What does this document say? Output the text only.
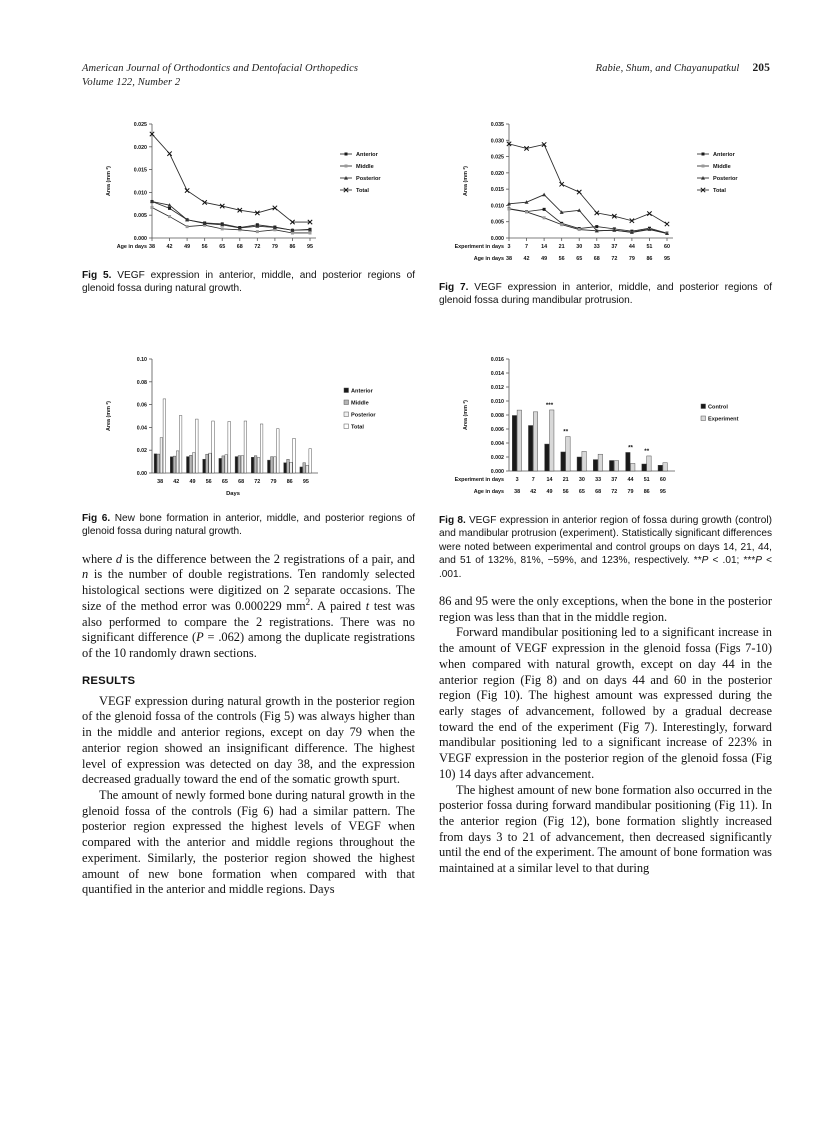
American Journal of Orthodontics and Dentofacial Orthopedics
Volume 122, Number 2
Rabie, Shum, and Chayanupatkul 205
0.000
0.005
0.010
0.015
0.020
0.025
Area (mm ²)
38 42 49 56 65 68 72 79 86 95
Age in days
Anterior
Middle
Posterior
Total
Fig 5. VEGF expression in anterior, middle, and posterior regions of glenoid fossa during natural growth.
0.000
0.005
0.010
0.015
0.020
0.025
0.030
0.035
Area (mm ²)
3	7 14 21 30 33 37 44 51 60
Experiment in days
38 42 49 56 65 68 72 79 86 95
Age in days
Anterior
Middle
Posterior
Total
Fig 7. VEGF expression in anterior, middle, and posterior regions of glenoid fossa during mandibular protrusion.
0.00
0.02
0.04
0.06
0.08
0.10
Area (mm ²)
38 42 49 56 65 68 72 79 86 95
Days
Anterior
Middle
Posterior
Total
Fig 6. New bone formation in anterior, middle, and posterior regions of glenoid fossa during natural growth.

where d is the difference between the 2 registrations of a pair, and n is the number of double registrations. Ten randomly selected histological sections were digitized on 2 separate occasions. The size of the method error was 0.000229 $mm^2$. A paired t test was also performed to compare the 2 registrations. There was no significant difference (P = .062) among the duplicate registrations of the 10 randomly drawn sections.

RESULTS

VEGF expression during natural growth in the posterior region of the glenoid fossa of the controls (Fig 5) was always higher than in the middle and anterior regions, except on day 79 when the anterior region showed an insignificant difference. The highest level of expression was detected on day 38, and the expression decreased gradually toward the end of the somatic growth spurt.

The amount of newly formed bone during natural growth in the glenoid fossa of the controls (Fig 6) had a similar pattern. The posterior region expressed the highest levels of VEGF when compared with the anterior and middle regions throughout the experiment. Similarly, the posterior region showed the highest amount of new bone formation when compared with that quantified in the anterior and middle regions. Days

0.000
0.002
0.004
0.006
0.008
0.010
0.012
0.014
0.016
Area (mm ²)
3 7 14 21 30 33 37 44 51 60
***
**
** **
Experiment in days
38 42 49 56 65 68 72 79 86 95
Age in days
Control
Experiment
Fig 8. VEGF expression in anterior region of fossa during growth (control) and mandibular protrusion (experiment). Statistically significant differences were noted between experimental and control groups on days 14, 21, 44, and 51 of 132%, 81%, −59%, and 123%, respectively. **P < .01; ***P < .001.

86 and 95 were the only exceptions, when the bone in the posterior region was less than that in the middle region.

Forward mandibular positioning led to a significant increase in the amount of VEGF expression in the glenoid fossa (Figs 7-10) when compared with natural growth, except on day 44 in the anterior region (Fig 8) and on days 44 and 60 in the posterior region (Fig 10). The highest amount was expressed during the early stages of advancement, followed by a gradual decrease toward the end of the experiment (Fig 7). Interestingly, forward mandibular positioning led to a significant increase of 223% in VEGF expression in the posterior region of the glenoid fossa (Fig 10) 14 days after advancement.

The highest amount of new bone formation also occurred in the posterior fossa during forward mandibular positioning (Fig 11). In the anterior region (Fig 12), bone formation slightly increased from days 3 to 21 of advancement, then decreased significantly until the end of the experiment. The amount of bone formation was maintained at a similar level to that during
